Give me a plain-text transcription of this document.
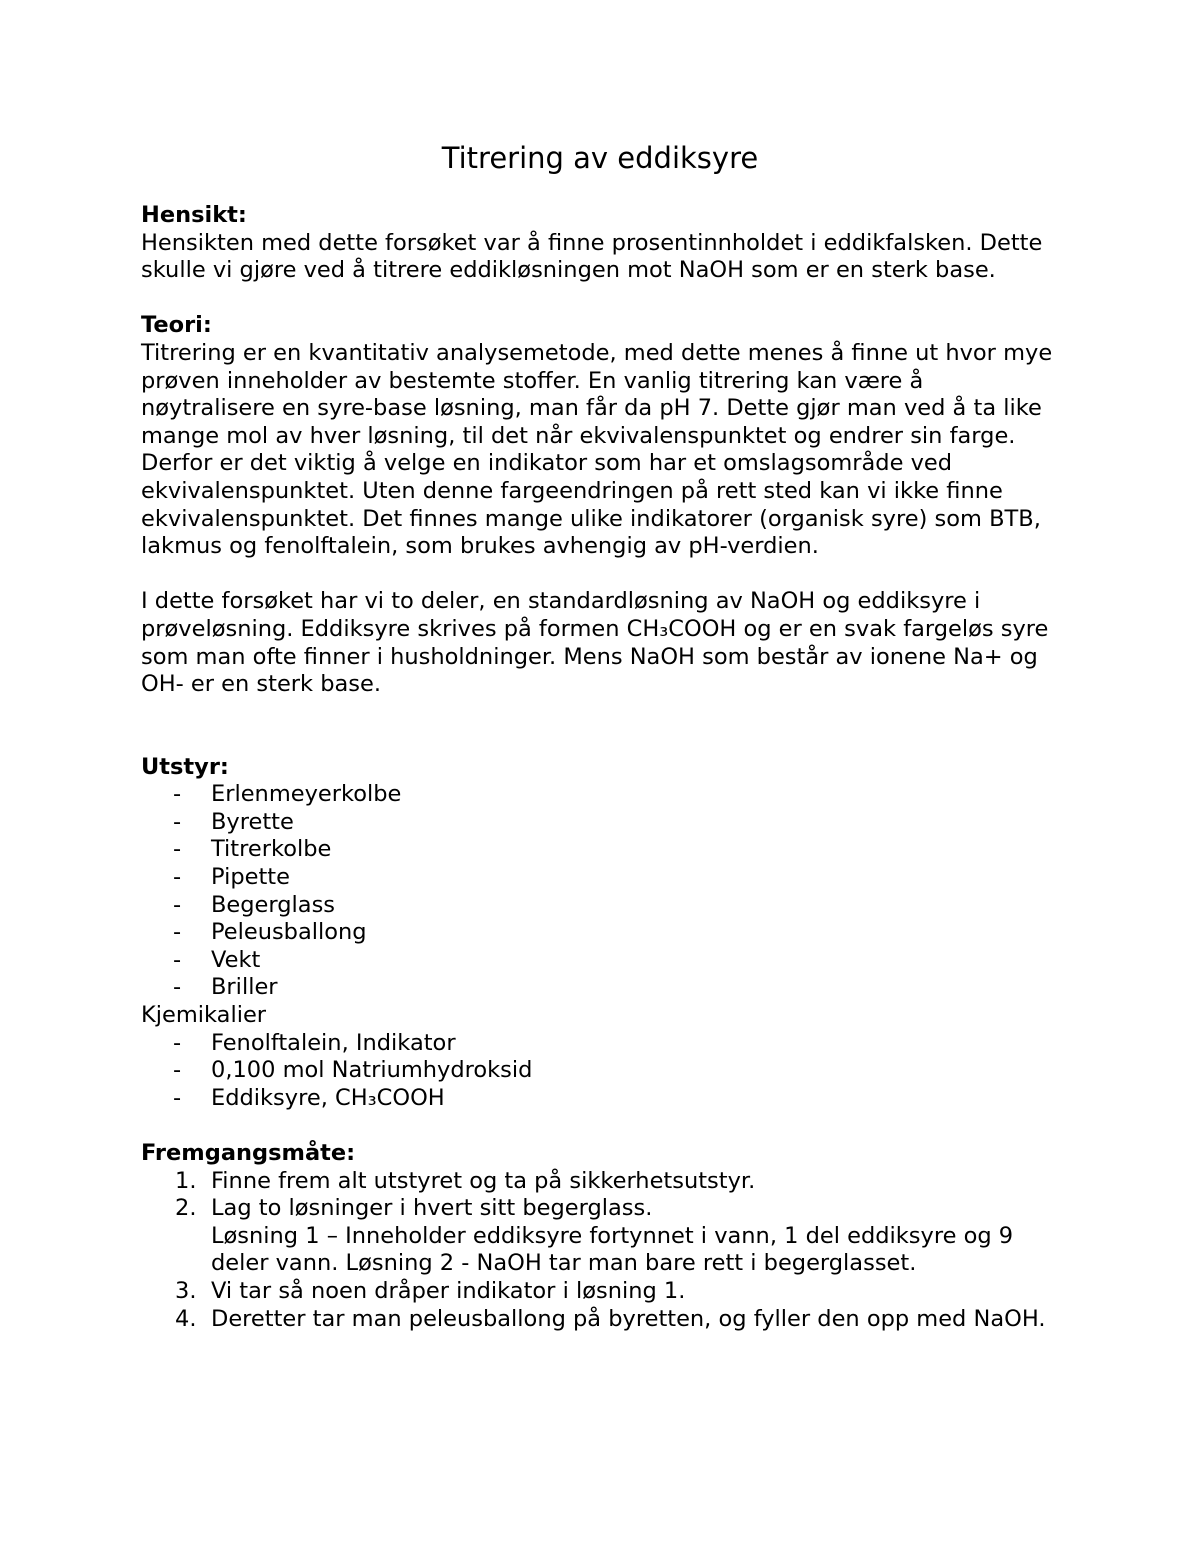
Titrering av eddiksyre

Hensikt:

Hensikten med dette forsøket var å finne prosentinnholdet i eddikfalsken. Dette skulle vi gjøre ved å titrere eddikløsningen mot NaOH som er en sterk base.

Teori:

Titrering er en kvantitativ analysemetode, med dette menes å finne ut hvor mye prøven inneholder av bestemte stoffer. En vanlig titrering kan være å nøytralisere en syre-base løsning, man får da pH 7. Dette gjør man ved å ta like mange mol av hver løsning, til det når ekvivalenspunktet og endrer sin farge. Derfor er det viktig å velge en indikator som har et omslagsområde ved ekvivalenspunktet. Uten denne fargeendringen på rett sted kan vi ikke finne ekvivalenspunktet. Det finnes mange ulike indikatorer (organisk syre) som BTB, lakmus og fenolftalein, som brukes avhengig av pH-verdien.

I dette forsøket har vi to deler, en standardløsning av NaOH og eddiksyre i prøveløsning. Eddiksyre skrives på formen CH₃COOH og er en svak fargeløs syre som man ofte finner i husholdninger. Mens NaOH som består av ionene Na+ og OH- er en sterk base.

Utstyr:

- Erlenmeyerkolbe
- Byrette
- Titrerkolbe
- Pipette
- Begerglass
- Peleusballong
- Vekt
- Briller

Kjemikalier

- Fenolftalein, Indikator
- 0,100 mol Natriumhydroksid
- Eddiksyre, CH₃COOH

Fremgangsmåte:

1. Finne frem alt utstyret og ta på sikkerhetsutstyr.
2. Lag to løsninger i hvert sitt begerglass.
Løsning 1 – Inneholder eddiksyre fortynnet i vann, 1 del eddiksyre og 9 deler vann. Løsning 2 - NaOH tar man bare rett i begerglasset.
3. Vi tar så noen dråper indikator i løsning 1.
4. Deretter tar man peleusballong på byretten, og fyller den opp med NaOH.
